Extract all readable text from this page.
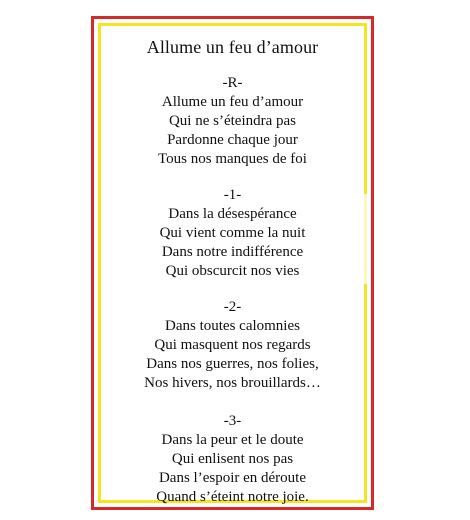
Allume un feu d’amour
-R-
Allume un feu d’amour
Qui ne s’éteindra pas
Pardonne chaque jour
Tous nos manques de foi
-1-
Dans la désespérance
Qui vient comme la nuit
Dans notre indifférence
Qui obscurcit nos vies
-2-
Dans toutes calomnies
Qui masquent nos regards
Dans nos guerres, nos folies,
Nos hivers, nos brouillards…
-3-
Dans la peur et le doute
Qui enlisent nos pas
Dans l’espoir en déroute
Quand s’éteint notre joie.
